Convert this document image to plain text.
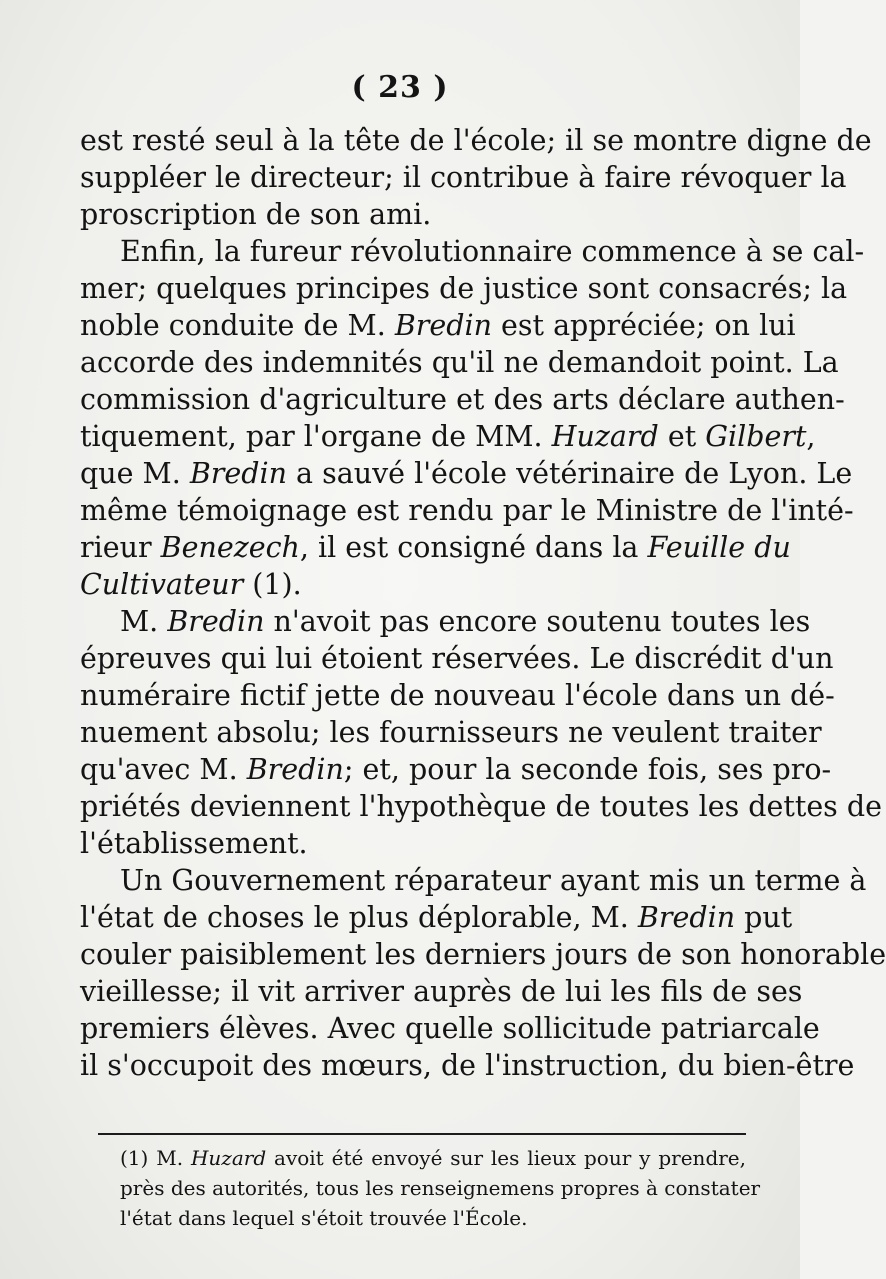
( 23 )
est resté seul à la tête de l'école; il se montre digne de
suppléer le directeur; il contribue à faire révoquer la
proscription de son ami.
Enfin, la fureur révolutionnaire commence à se cal-
mer; quelques principes de justice sont consacrés; la
noble conduite de M. Bredin est appréciée; on lui
accorde des indemnités qu'il ne demandoit point. La
commission d'agriculture et des arts déclare authen-
tiquement, par l'organe de MM. Huzard et Gilbert,
que M. Bredin a sauvé l'école vétérinaire de Lyon. Le
même témoignage est rendu par le Ministre de l'inté-
rieur Benezech, il est consigné dans la Feuille du
Cultivateur (1).
M. Bredin n'avoit pas encore soutenu toutes les
épreuves qui lui étoient réservées. Le discrédit d'un
numéraire fictif jette de nouveau l'école dans un dé-
nuement absolu; les fournisseurs ne veulent traiter
qu'avec M. Bredin; et, pour la seconde fois, ses pro-
priétés deviennent l'hypothèque de toutes les dettes de
l'établissement.
Un Gouvernement réparateur ayant mis un terme à
l'état de choses le plus déplorable, M. Bredin put
couler paisiblement les derniers jours de son honorable
vieillesse; il vit arriver auprès de lui les fils de ses
premiers élèves. Avec quelle sollicitude patriarcale
il s'occupoit des mœurs, de l'instruction, du bien-être
(1) M. Huzard avoit été envoyé sur les lieux pour y prendre,
près des autorités, tous les renseignemens propres à constater
l'état dans lequel s'étoit trouvée l'École.
